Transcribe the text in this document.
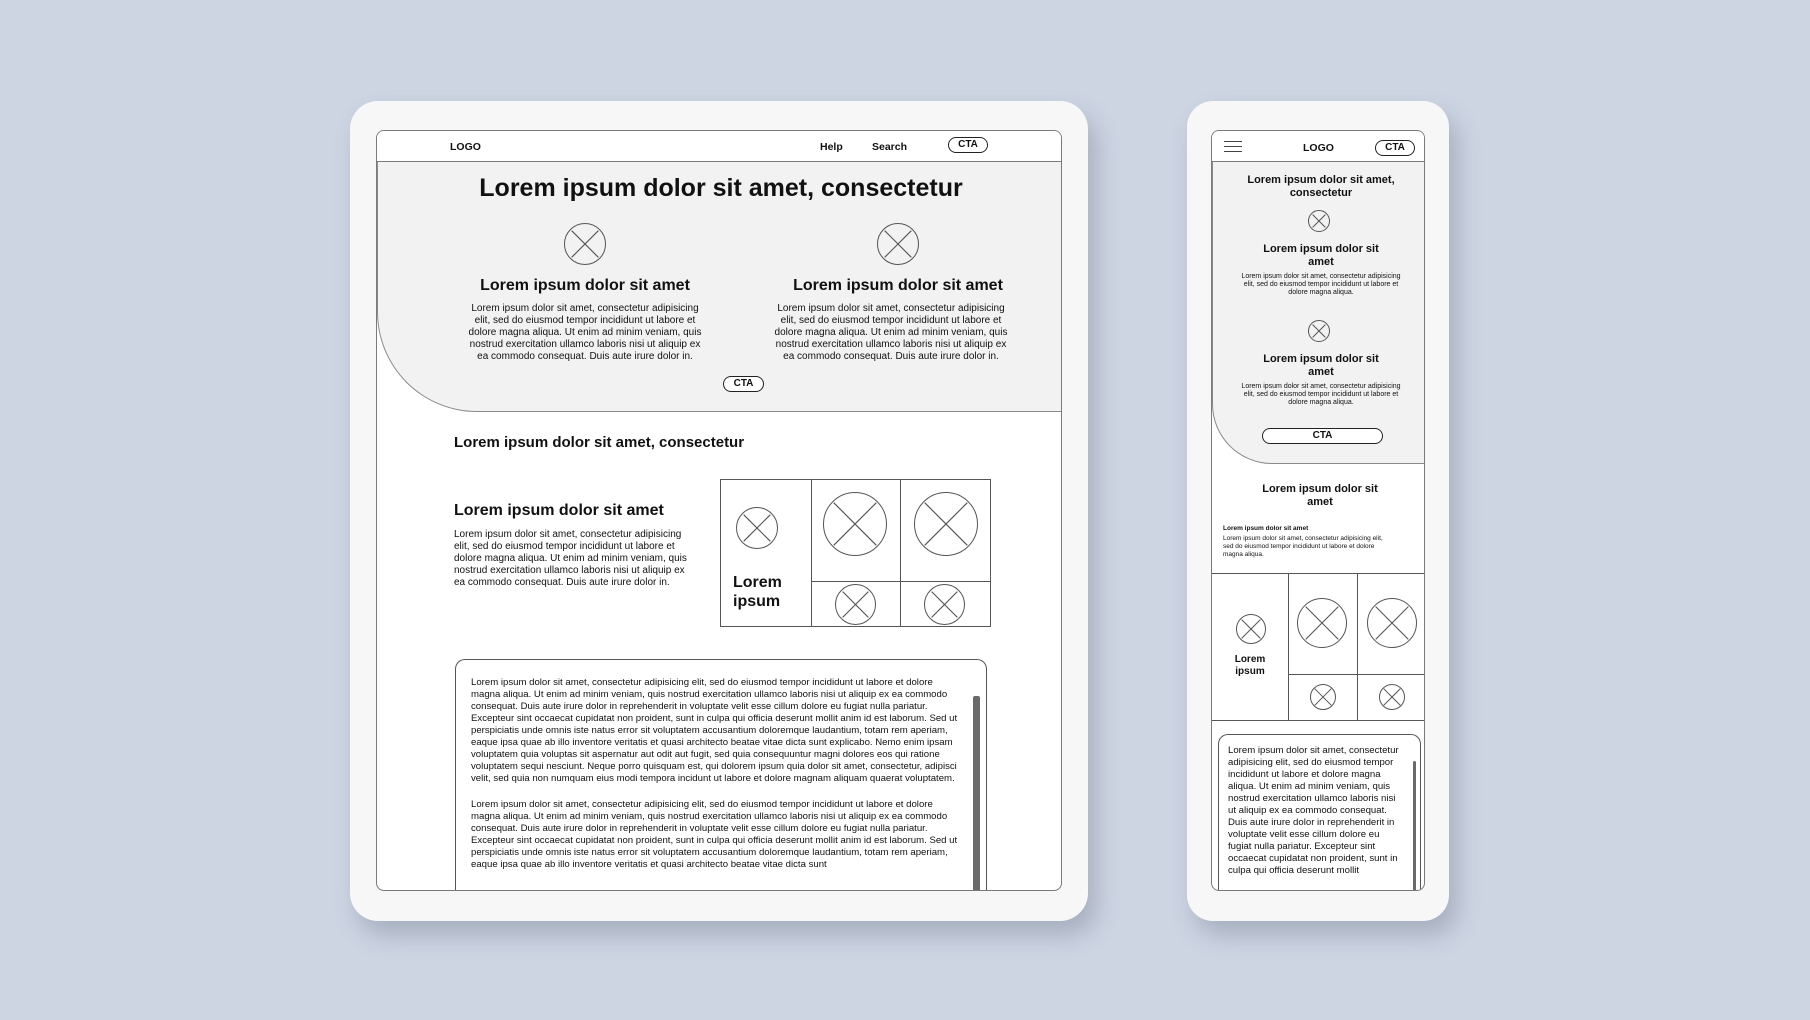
LOGO	Help	Search	CTA
Lorem ipsum dolor sit amet, consectetur
Lorem ipsum dolor sit amet
Lorem ipsum dolor sit amet, consectetur adipisicing elit, sed do eiusmod tempor incididunt ut labore et dolore magna aliqua. Ut enim ad minim veniam, quis nostrud exercitation ullamco laboris nisi ut aliquip ex ea commodo consequat. Duis aute irure dolor in.
Lorem ipsum dolor sit amet
Lorem ipsum dolor sit amet, consectetur adipisicing elit, sed do eiusmod tempor incididunt ut labore et dolore magna aliqua. Ut enim ad minim veniam, quis nostrud exercitation ullamco laboris nisi ut aliquip ex ea commodo consequat. Duis aute irure dolor in.
CTA
Lorem ipsum dolor sit amet, consectetur
Lorem ipsum dolor sit amet
Lorem ipsum dolor sit amet, consectetur adipisicing elit, sed do eiusmod tempor incididunt ut labore et dolore magna aliqua. Ut enim ad minim veniam, quis nostrud exercitation ullamco laboris nisi ut aliquip ex ea commodo consequat. Duis aute irure dolor in.	Lorem ipsum

Lorem ipsum dolor sit amet, consectetur adipisicing elit, sed do eiusmod tempor incididunt ut labore et dolore magna aliqua. Ut enim ad minim veniam, quis nostrud exercitation ullamco laboris nisi ut aliquip ex ea commodo consequat. Duis aute irure dolor in reprehenderit in voluptate velit esse cillum dolore eu fugiat nulla pariatur. Excepteur sint occaecat cupidatat non proident, sunt in culpa qui officia deserunt mollit anim id est laborum. Sed ut perspiciatis unde omnis iste natus error sit voluptatem accusantium doloremque laudantium, totam rem aperiam, eaque ipsa quae ab illo inventore veritatis et quasi architecto beatae vitae dicta sunt explicabo. Nemo enim ipsam voluptatem quia voluptas sit aspernatur aut odit aut fugit, sed quia consequuntur magni dolores eos qui ratione voluptatem sequi nesciunt. Neque porro quisquam est, qui dolorem ipsum quia dolor sit amet, consectetur, adipisci velit, sed quia non numquam eius modi tempora incidunt ut labore et dolore magnam aliquam quaerat voluptatem.

Lorem ipsum dolor sit amet, consectetur adipisicing elit, sed do eiusmod tempor incididunt ut labore et dolore magna aliqua. Ut enim ad minim veniam, quis nostrud exercitation ullamco laboris nisi ut aliquip ex ea commodo consequat. Duis aute irure dolor in reprehenderit in voluptate velit esse cillum dolore eu fugiat nulla pariatur. Excepteur sint occaecat cupidatat non proident, sunt in culpa qui officia deserunt mollit anim id est laborum. Sed ut perspiciatis unde omnis iste natus error sit voluptatem accusantium doloremque laudantium, totam rem aperiam, eaque ipsa quae ab illo inventore veritatis et quasi architecto beatae vitae dicta sunt

LOGO	CTA
Lorem ipsum dolor sit amet, consectetur
Lorem ipsum dolor sit amet
Lorem ipsum dolor sit amet, consectetur adipisicing elit, sed do eiusmod tempor incididunt ut labore et dolore magna aliqua.
Lorem ipsum dolor sit amet
Lorem ipsum dolor sit amet, consectetur adipisicing elit, sed do eiusmod tempor incididunt ut labore et dolore magna aliqua.
CTA
Lorem ipsum dolor sit amet
Lorem ipsum dolor sit amet
Lorem ipsum dolor sit amet, consectetur adipisicing elit, sed do eiusmod tempor incididunt ut labore et dolore magna aliqua.
Lorem ipsum

Lorem ipsum dolor sit amet, consectetur adipisicing elit, sed do eiusmod tempor incididunt ut labore et dolore magna aliqua. Ut enim ad minim veniam, quis nostrud exercitation ullamco laboris nisi ut aliquip ex ea commodo consequat. Duis aute irure dolor in reprehenderit in voluptate velit esse cillum dolore eu fugiat nulla pariatur. Excepteur sint occaecat cupidatat non proident, sunt in culpa qui officia deserunt mollit
